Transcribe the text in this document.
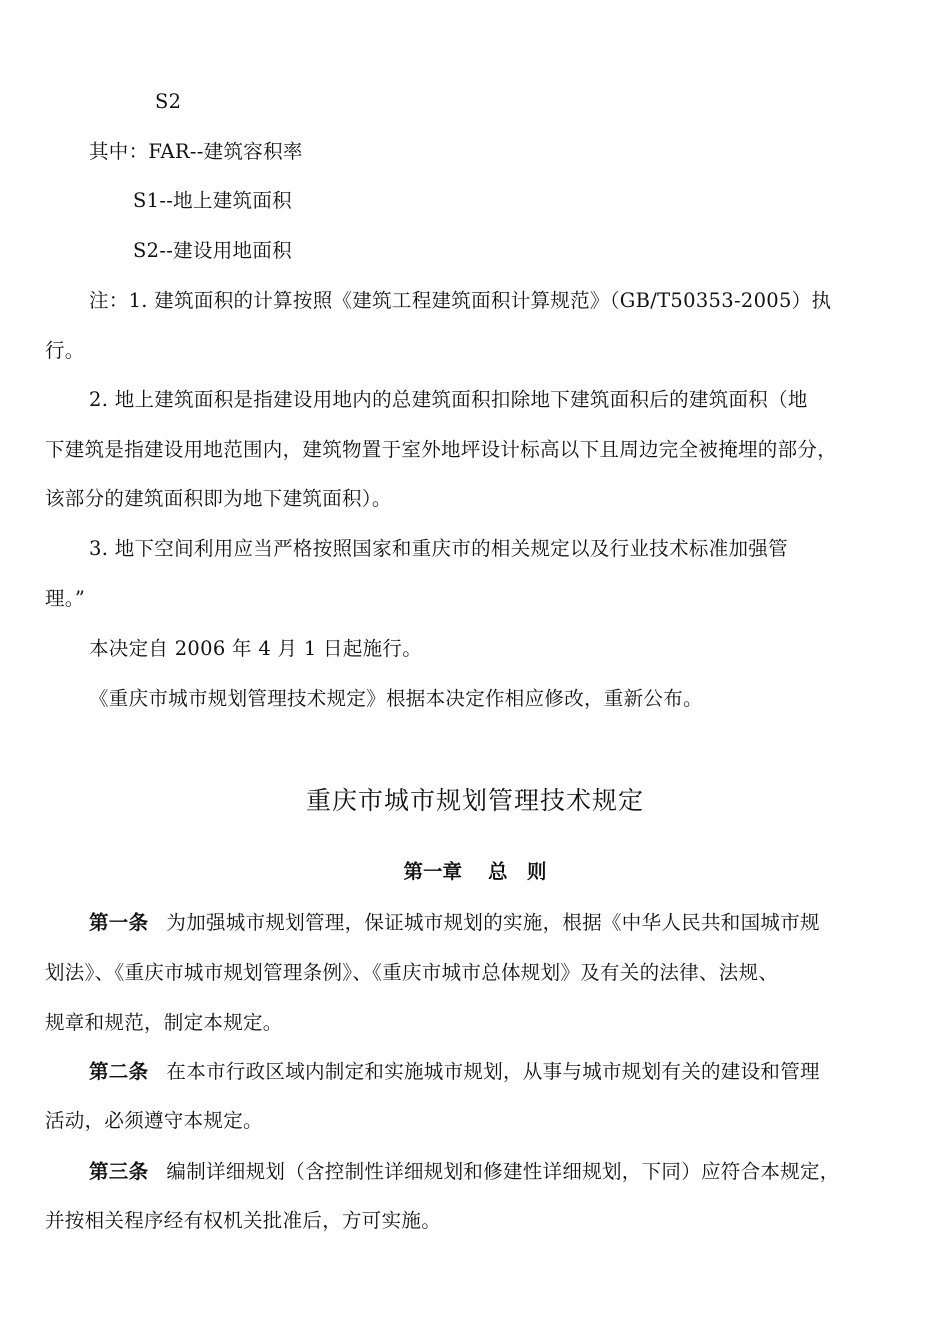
S2
其中：FAR--建筑容积率
S1--地上建筑面积
S2--建设用地面积
注：1. 建筑面积的计算按照《建筑工程建筑面积计算规范》（GB/T50353-2005）执
行。
2. 地上建筑面积是指建设用地内的总建筑面积扣除地下建筑面积后的建筑面积（地
下建筑是指建设用地范围内，建筑物置于室外地坪设计标高以下且周边完全被掩埋的部分，
该部分的建筑面积即为地下建筑面积）。
3. 地下空间利用应当严格按照国家和重庆市的相关规定以及行业技术标准加强管
理。”
本决定自 2006 年 4 月 1 日起施行。
《重庆市城市规划管理技术规定》根据本决定作相应修改，重新公布。
重庆市城市规划管理技术规定
第一章 总　则
第一条 为加强城市规划管理，保证城市规划的实施，根据《中华人民共和国城市规
划法》、《重庆市城市规划管理条例》、《重庆市城市总体规划》及有关的法律、法规、
规章和规范，制定本规定。
第二条 在本市行政区域内制定和实施城市规划，从事与城市规划有关的建设和管理
活动，必须遵守本规定。
第三条 编制详细规划（含控制性详细规划和修建性详细规划，下同）应符合本规定，
并按相关程序经有权机关批准后，方可实施。
